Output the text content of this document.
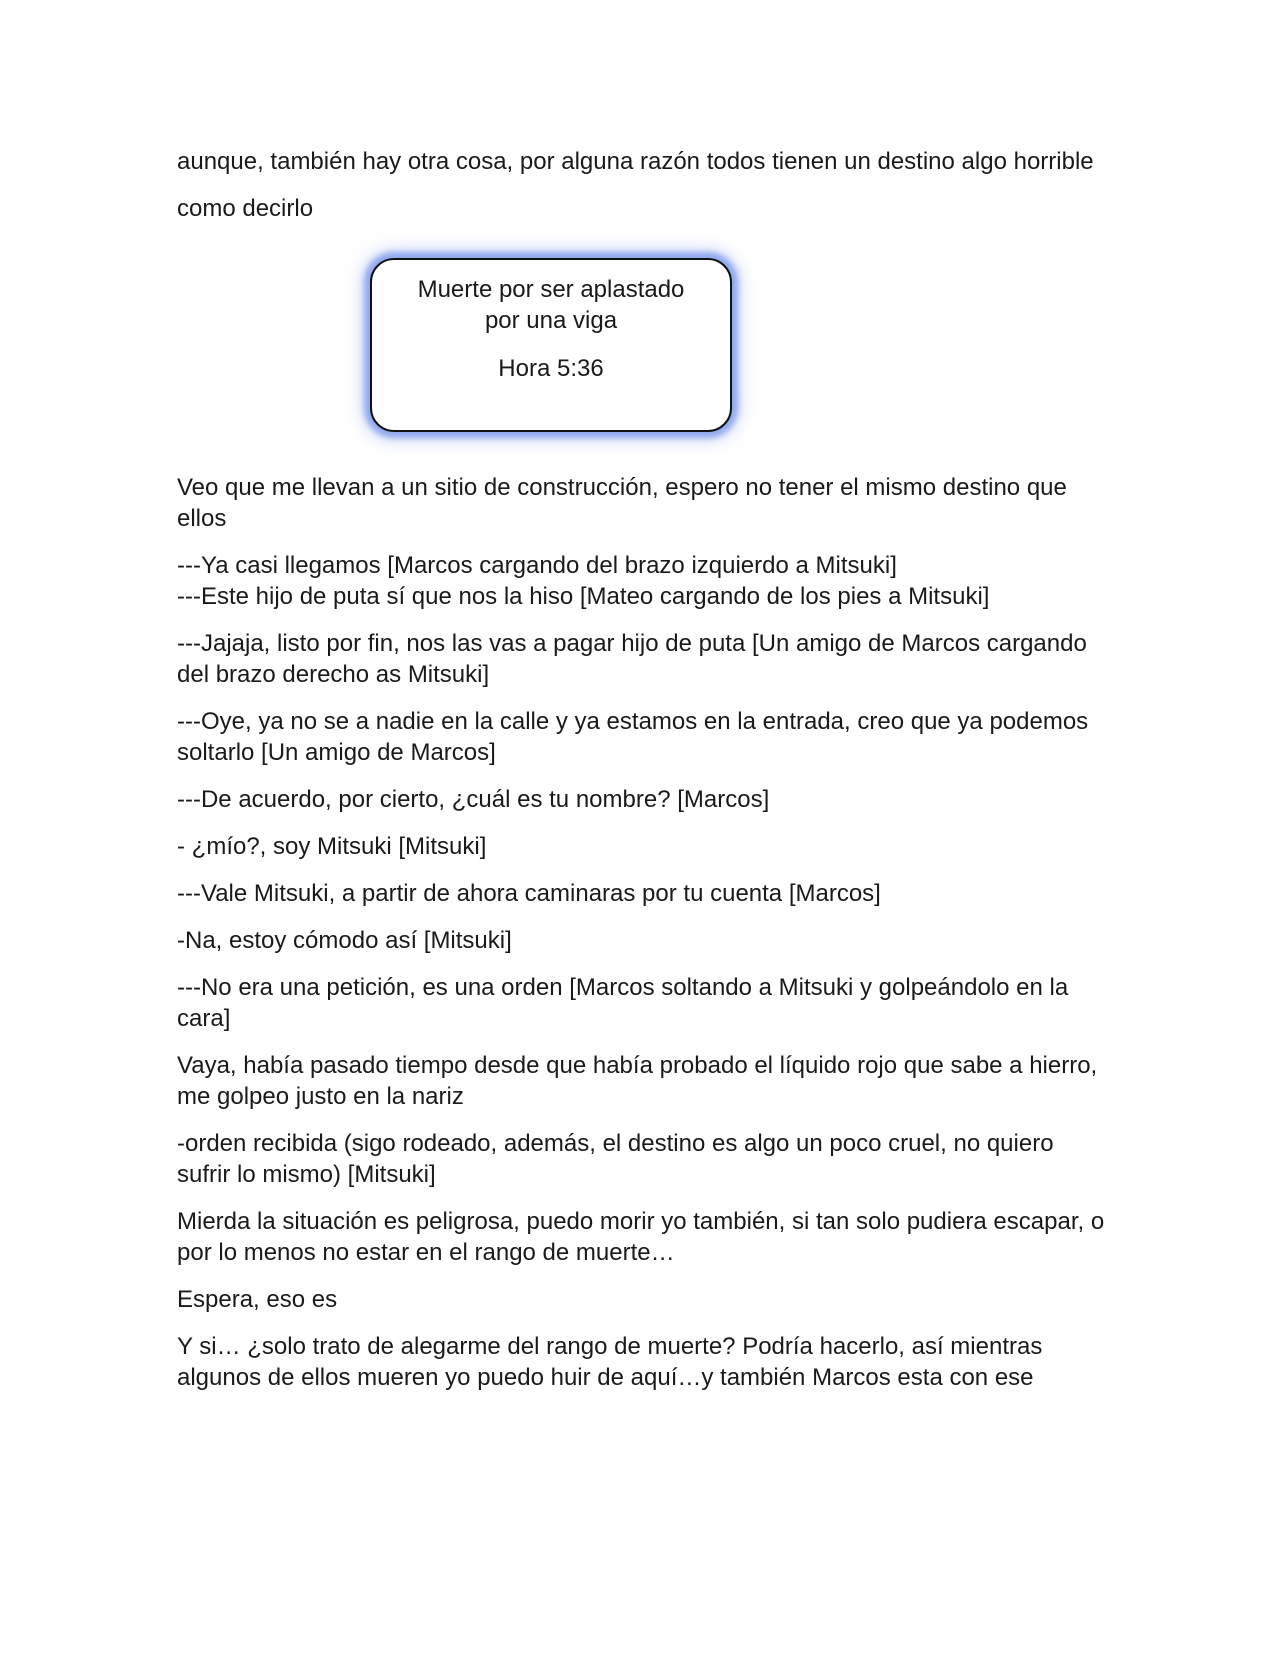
aunque, también hay otra cosa, por alguna razón todos tienen un destino algo horrible

como decirlo

Muerte por ser aplastado
por una viga
Hora 5:36

Veo que me llevan a un sitio de construcción, espero no tener el mismo destino que ellos

---Ya casi llegamos [Marcos cargando del brazo izquierdo a Mitsuki]
---Este hijo de puta sí que nos la hiso [Mateo cargando de los pies a Mitsuki]

---Jajaja, listo por fin, nos las vas a pagar hijo de puta [Un amigo de Marcos cargando del brazo derecho as Mitsuki]

---Oye, ya no se a nadie en la calle y ya estamos en la entrada, creo que ya podemos soltarlo [Un amigo de Marcos]

---De acuerdo, por cierto, ¿cuál es tu nombre? [Marcos]

- ¿mío?, soy Mitsuki [Mitsuki]

---Vale Mitsuki, a partir de ahora caminaras por tu cuenta [Marcos]

-Na, estoy cómodo así [Mitsuki]

---No era una petición, es una orden [Marcos soltando a Mitsuki y golpeándolo en la cara]

Vaya, había pasado tiempo desde que había probado el líquido rojo que sabe a hierro, me golpeo justo en la nariz

-orden recibida (sigo rodeado, además, el destino es algo un poco cruel, no quiero sufrir lo mismo) [Mitsuki]

Mierda la situación es peligrosa, puedo morir yo también, si tan solo pudiera escapar, o por lo menos no estar en el rango de muerte…

Espera, eso es

Y si… ¿solo trato de alegarme del rango de muerte? Podría hacerlo, así mientras algunos de ellos mueren yo puedo huir de aquí…y también Marcos esta con ese
